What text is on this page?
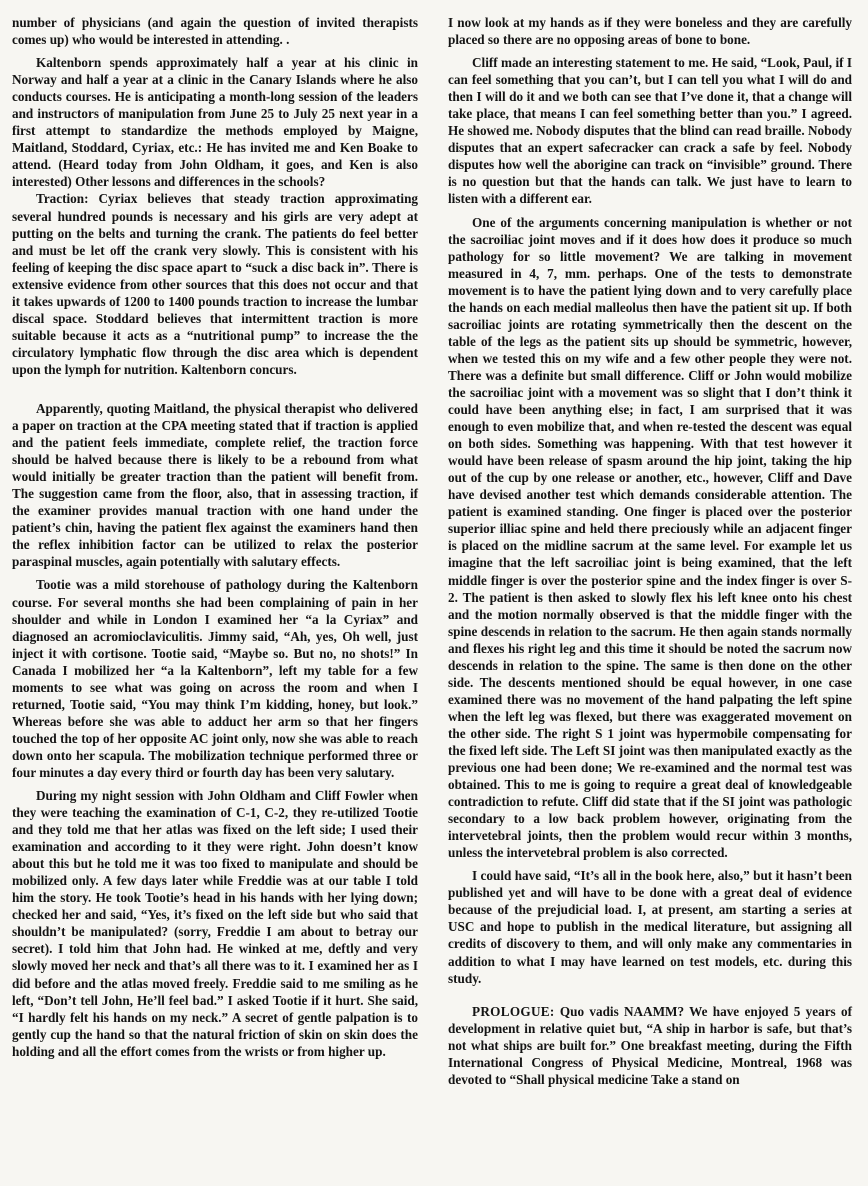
number of physicians (and again the question of invited therapists comes up) who would be interested in attending. .

Kaltenborn spends approximately half a year at his clinic in Norway and half a year at a clinic in the Canary Islands where he also conducts courses. He is anticipating a month-long session of the leaders and instructors of manipulation from June 25 to July 25 next year in a first attempt to standardize the methods employed by Maigne, Maitland, Stoddard, Cyriax, etc.: He has invited me and Ken Boake to attend. (Heard today from John Oldham, it goes, and Ken is also interested) Other lessons and differences in the schools?

Traction: Cyriax believes that steady traction approximating several hundred pounds is necessary and his girls are very adept at putting on the belts and turning the crank. The patients do feel better and must be let off the crank very slowly. This is consistent with his feeling of keeping the disc space apart to “suck a disc back in”. There is extensive evidence from other sources that this does not occur and that it takes upwards of 1200 to 1400 pounds traction to increase the lumbar discal space. Stoddard believes that intermittent traction is more suitable because it acts as a “nutritional pump” to increase the the circulatory lymphatic flow through the disc area which is dependent upon the lymph for nutrition. Kaltenborn concurs.

Apparently, quoting Maitland, the physical therapist who delivered a paper on traction at the CPA meeting stated that if traction is applied and the patient feels immediate, complete relief, the traction force should be halved because there is likely to be a rebound from what would initially be greater traction than the patient will benefit from. The suggestion came from the floor, also, that in assessing traction, if the examiner provides manual traction with one hand under the patient’s chin, having the patient flex against the examiners hand then the reflex inhibition factor can be utilized to relax the posterior paraspinal muscles, again potentially with salutary effects.

Tootie was a mild storehouse of pathology during the Kaltenborn course. For several months she had been complaining of pain in her shoulder and while in London I examined her “a la Cyriax” and diagnosed an acromioclaviculitis. Jimmy said, “Ah, yes, Oh well, just inject it with cortisone. Tootie said, “Maybe so. But no, no shots!” In Canada I mobilized her “a la Kaltenborn”, left my table for a few moments to see what was going on across the room and when I returned, Tootie said, “You may think I’m kidding, honey, but look.” Whereas before she was able to adduct her arm so that her fingers touched the top of her opposite AC joint only, now she was able to reach down onto her scapula. The mobilization technique performed three or four minutes a day every third or fourth day has been very salutary.

During my night session with John Oldham and Cliff Fowler when they were teaching the examination of C-1, C-2, they re-utilized Tootie and they told me that her atlas was fixed on the left side; I used their examination and according to it they were right. John doesn’t know about this but he told me it was too fixed to manipulate and should be mobilized only. A few days later while Freddie was at our table I told him the story. He took Tootie’s head in his hands with her lying down; checked her and said, “Yes, it’s fixed on the left side but who said that shouldn’t be manipulated? (sorry, Freddie I am about to betray our secret). I told him that John had. He winked at me, deftly and very slowly moved her neck and that’s all there was to it. I examined her as I did before and the atlas moved freely. Freddie said to me smiling as he left, “Don’t tell John, He’ll feel bad.” I asked Tootie if it hurt. She said, “I hardly felt his hands on my neck.” A secret of gentle palpation is to gently cup the hand so that the natural friction of skin on skin does the holding and all the effort comes from the wrists or from higher up.

I now look at my hands as if they were boneless and they are carefully placed so there are no opposing areas of bone to bone.

Cliff made an interesting statement to me. He said, “Look, Paul, if I can feel something that you can’t, but I can tell you what I will do and then I will do it and we both can see that I’ve done it, that a change will take place, that means I can feel something better than you.” I agreed. He showed me. Nobody disputes that the blind can read braille. Nobody disputes that an expert safecracker can crack a safe by feel. Nobody disputes how well the aborigine can track on “invisible” ground. There is no question but that the hands can talk. We just have to learn to listen with a different ear.

One of the arguments concerning manipulation is whether or not the sacroiliac joint moves and if it does how does it produce so much pathology for so little movement? We are talking in movement measured in 4, 7, mm. perhaps. One of the tests to demonstrate movement is to have the patient lying down and to very carefully place the hands on each medial malleolus then have the patient sit up. If both sacroiliac joints are rotating symmetrically then the descent on the table of the legs as the patient sits up should be symmetric, however, when we tested this on my wife and a few other people they were not. There was a definite but small difference. Cliff or John would mobilize the sacroiliac joint with a movement was so slight that I don’t think it could have been anything else; in fact, I am surprised that it was enough to even mobilize that, and when re-tested the descent was equal on both sides. Something was happening. With that test however it would have been release of spasm around the hip joint, taking the hip out of the cup by one release or another, etc., however, Cliff and Dave have devised another test which demands considerable attention. The patient is examined standing. One finger is placed over the posterior superior illiac spine and held there preciously while an adjacent finger is placed on the midline sacrum at the same level. For example let us imagine that the left sacroiliac joint is being examined, that the left middle finger is over the posterior spine and the index finger is over S-2. The patient is then asked to slowly flex his left knee onto his chest and the motion normally observed is that the middle finger with the spine descends in relation to the sacrum. He then again stands normally and flexes his right leg and this time it should be noted the sacrum now descends in relation to the spine. The same is then done on the other side. The descents mentioned should be equal however, in one case examined there was no movement of the hand palpating the left spine when the left leg was flexed, but there was exaggerated movement on the other side. The right S 1 joint was hypermobile compensating for the fixed left side. The Left SI joint was then manipulated exactly as the previous one had been done; We re-examined and the normal test was obtained. This to me is going to require a great deal of knowledgeable contradiction to refute. Cliff did state that if the SI joint was pathologic secondary to a low back problem however, originating from the intervetebral joints, then the problem would recur within 3 months, unless the intervetebral problem is also corrected.

I could have said, “It’s all in the book here, also,” but it hasn’t been published yet and will have to be done with a great deal of evidence because of the prejudicial load. I, at present, am starting a series at USC and hope to publish in the medical literature, but assigning all credits of discovery to them, and will only make any commentaries in addition to what I may have learned on test models, etc. during this study.

PROLOGUE: Quo vadis NAAMM? We have enjoyed 5 years of development in relative quiet but, “A ship in harbor is safe, but that’s not what ships are built for.” One breakfast meeting, during the Fifth International Congress of Physical Medicine, Montreal, 1968 was devoted to “Shall physical medicine Take a stand on
